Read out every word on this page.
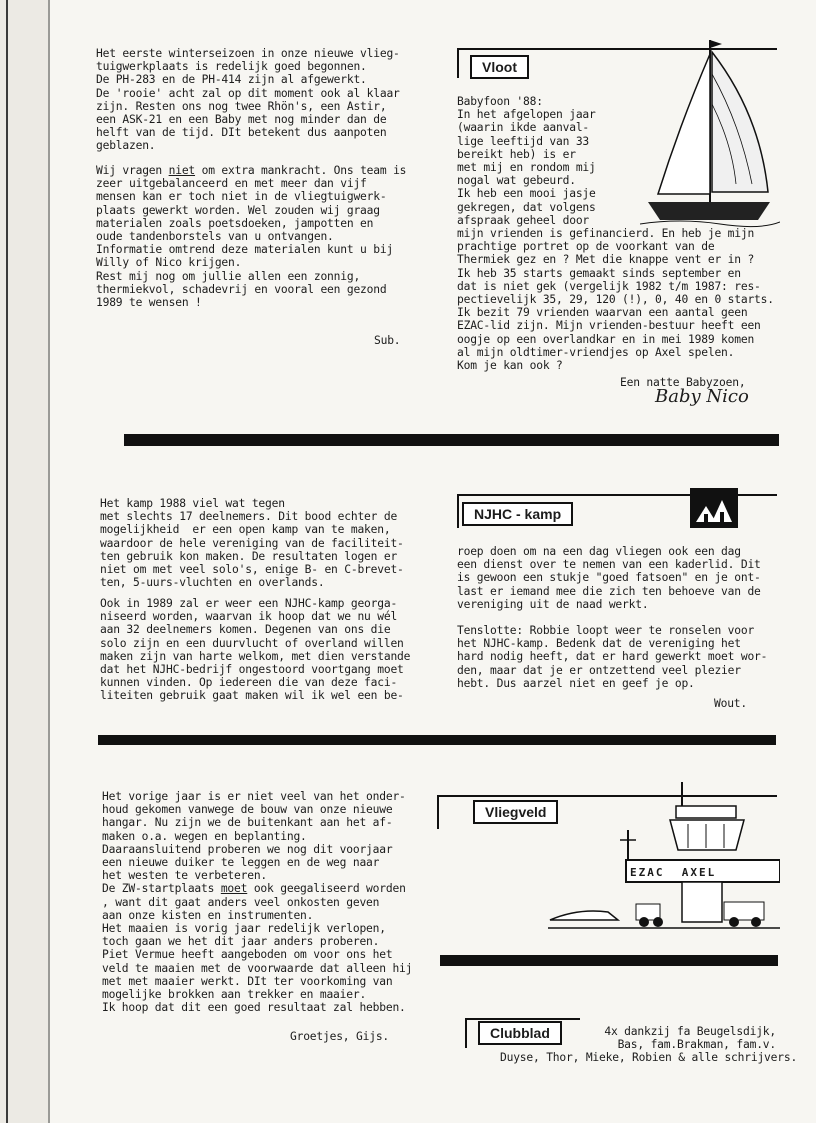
Het eerste winterseizoen in onze nieuwe vlieg-
tuigwerkplaats is redelijk goed begonnen.
De PH-283 en de PH-414 zijn al afgewerkt.
De 'rooie' acht zal op dit moment ook al klaar
zijn. Resten ons nog twee Rhön's, een Astir,
een ASK-21 en een Baby met nog minder dan de
helft van de tijd. DIt betekent dus aanpoten
geblazen.
Wij vragen niet om extra mankracht. Ons team is
zeer uitgebalanceerd en met meer dan vijf
mensen kan er toch niet in de vliegtuigwerk-
plaats gewerkt worden. Wel zouden wij graag
materialen zoals poetsdoeken, jampotten en
oude tandenborstels van u ontvangen.
Informatie omtrend deze materialen kunt u bij
Willy of Nico krijgen.
Rest mij nog om jullie allen een zonnig,
thermiekvol, schadevrij en vooral een gezond
1989 te wensen !
Sub.
Vloot
Babyfoon '88:
In het afgelopen jaar
(waarin ikde aanval-
lige leeftijd van 33
bereikt heb) is er
met mij en rondom mij
nogal wat gebeurd.
Ik heb een mooi jasje
gekregen, dat volgens
afspraak geheel door
mijn vrienden is gefinancierd. En heb je mijn
prachtige portret op de voorkant van de
Thermiek gez en ? Met die knappe vent er in ?
Ik heb 35 starts gemaakt sinds september en
dat is niet gek (vergelijk 1982 t/m 1987: res-
pectievelijk 35, 29, 120 (!), 0, 40 en 0 starts.
Ik bezit 79 vrienden waarvan een aantal geen
EZAC-lid zijn. Mijn vrienden-bestuur heeft een
oogje op een overlandkar en in mei 1989 komen
al mijn oldtimer-vriendjes op Axel spelen.
Kom je kan ook ?
Een natte Babyzoen,
Baby Nico
NJHC - kamp
Het kamp 1988 viel wat tegen
met slechts 17 deelnemers. Dit bood echter de
mogelijkheid  er een open kamp van te maken,
waardoor de hele vereniging van de faciliteit-
ten gebruik kon maken. De resultaten logen er
niet om met veel solo's, enige B- en C-brevet-
ten, 5-uurs-vluchten en overlands.
Ook in 1989 zal er weer een NJHC-kamp georga-
niseerd worden, waarvan ik hoop dat we nu wél
aan 32 deelnemers komen. Degenen van ons die
solo zijn en een duurvlucht of overland willen
maken zijn van harte welkom, met dien verstande
dat het NJHC-bedrijf ongestoord voortgang moet
kunnen vinden. Op iedereen die van deze faci-
liteiten gebruik gaat maken wil ik wel een be-
roep doen om na een dag vliegen ook een dag
een dienst over te nemen van een kaderlid. Dit
is gewoon een stukje "goed fatsoen" en je ont-
last er iemand mee die zich ten behoeve van de
vereniging uit de naad werkt.
Tenslotte: Robbie loopt weer te ronselen voor
het NJHC-kamp. Bedenk dat de vereniging het
hard nodig heeft, dat er hard gewerkt moet wor-
den, maar dat je er ontzettend veel plezier
hebt. Dus aarzel niet en geef je op.
Wout.
Het vorige jaar is er niet veel van het onder-
houd gekomen vanwege de bouw van onze nieuwe
hangar. Nu zijn we de buitenkant aan het af-
maken o.a. wegen en beplanting.
Daaraansluitend proberen we nog dit voorjaar
een nieuwe duiker te leggen en de weg naar
het westen te verbeteren.
De ZW-startplaats moet ook geegaliseerd worden
, want dit gaat anders veel onkosten geven
aan onze kisten en instrumenten.
Het maaien is vorig jaar redelijk verlopen,
toch gaan we het dit jaar anders proberen.
Piet Vermue heeft aangeboden om voor ons het
veld te maaien met de voorwaarde dat alleen hij
met met maaier werkt. DIt ter voorkoming van
mogelijke brokken aan trekker en maaier.
Ik hoop dat dit een goed resultaat zal hebben.
Groetjes, Gijs.
Vliegveld
EZAC  AXEL
Clubblad	4x dankzij fa Beugelsdijk,
Bas, fam.Brakman, fam.v.
Duyse, Thor, Mieke, Robien & alle schrijvers.
